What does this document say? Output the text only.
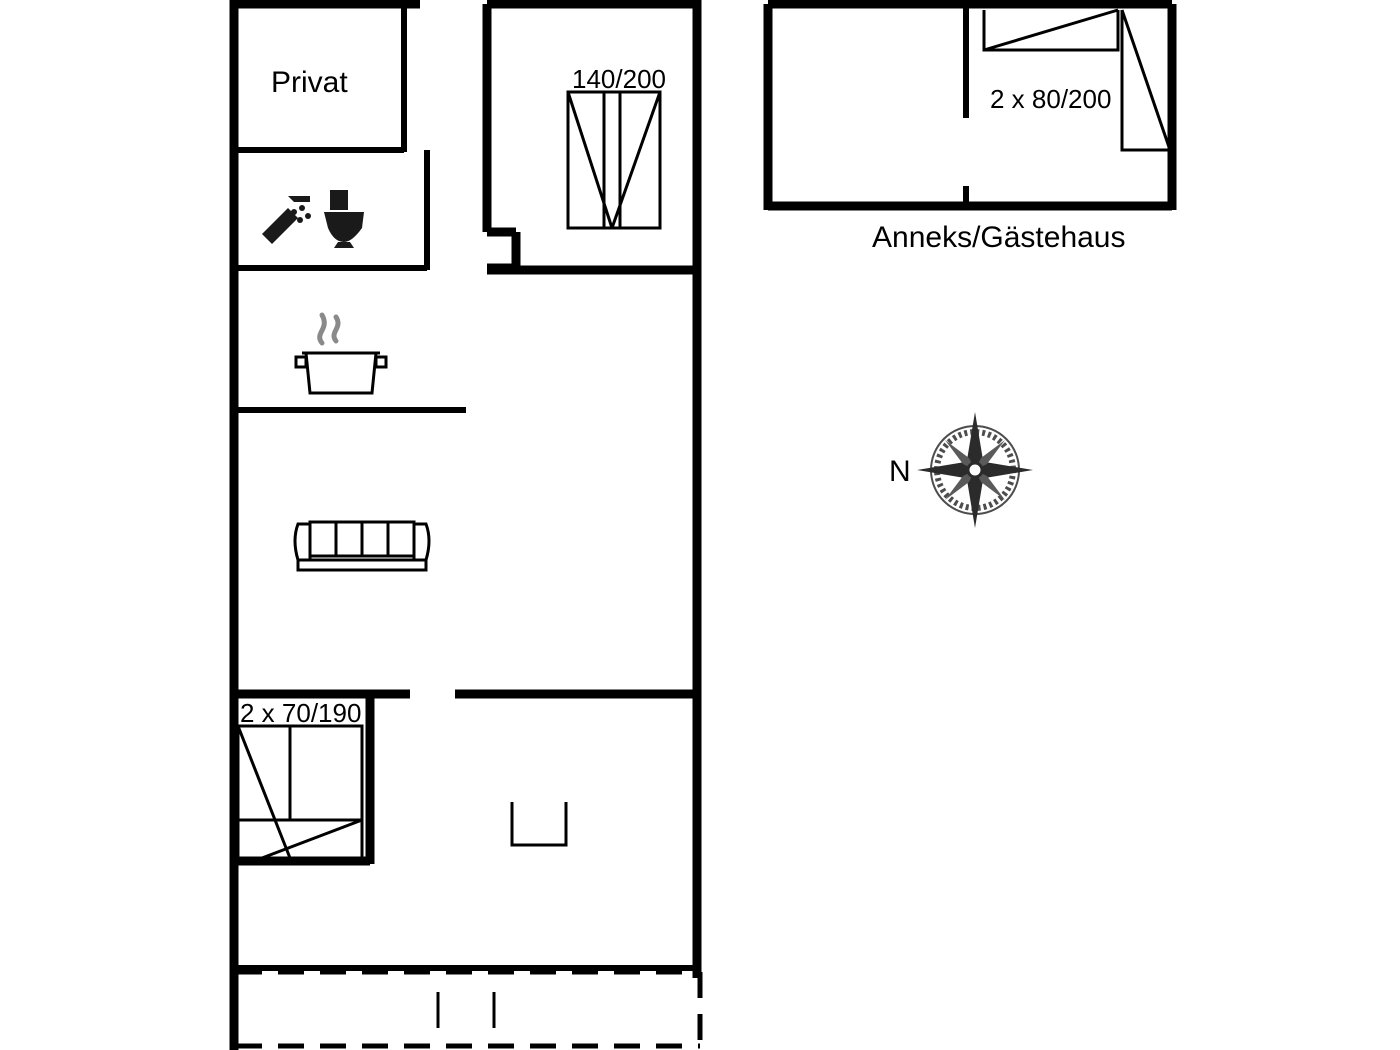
140/200
2 x 70/190
Privat	2 x 80/200
Anneks/Gästehaus
N
